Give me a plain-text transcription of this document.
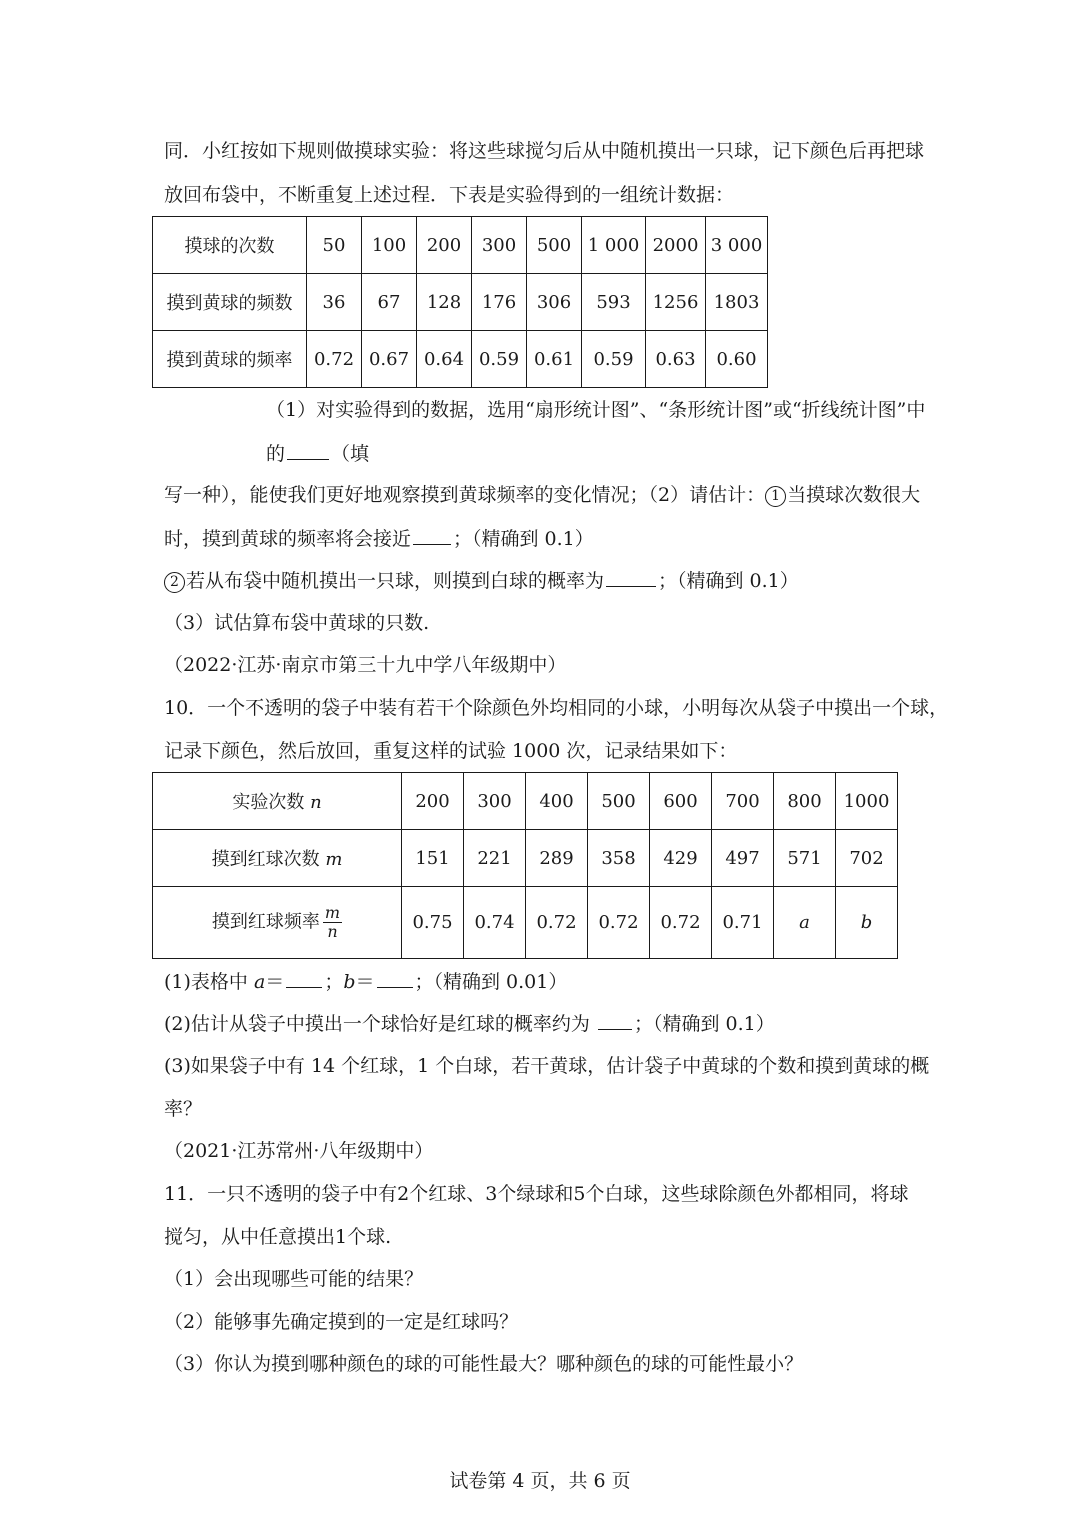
同．小红按如下规则做摸球实验：将这些球搅匀后从中随机摸出一只球，记下颜色后再把球
放回布袋中，不断重复上述过程．下表是实验得到的一组统计数据：
摸球的次数	50	100	200	300	500	1 000	2000	3 000
摸到黄球的频数	36	67	128	176	306	593	1256	1803
摸到黄球的频率	0.72	0.67	0.64	0.59	0.61	0.59	0.63	0.60
（1）对实验得到的数据，选用“扇形统计图”、“条形统计图”或“折线统计图”中
的 （填
写一种），能使我们更好地观察摸到黄球频率的变化情况；（2）请估计： 1 当摸球次数很大
时，摸到黄球的频率将会接近 ；（精确到 0.1）
2 若从布袋中随机摸出一只球，则摸到白球的概率为	；（精确到 0.1）
（3）试估算布袋中黄球的只数.
（2022·江苏·南京市第三十九中学八年级期中）
10．一个不透明的袋子中装有若干个除颜色外均相同的小球，小明每次从袋子中摸出一个球，
记录下颜色，然后放回，重复这样的试验 1000 次，记录结果如下：
实验次数 n	200	300	400	500	600	700	800	1000
摸到红球次数 m	151	221	289	358	429	497	571	702
摸到红球频率 $\frac{m}{n}$	0.75	0.74	0.72	0.72	0.72	0.71	a	b
(1)表格中 a＝ ；b＝ ；（精确到 0.01）
(2)估计从袋子中摸出一个球恰好是红球的概率约为 ；（精确到 0.1）
(3)如果袋子中有 14 个红球，1 个白球，若干黄球，估计袋子中黄球的个数和摸到黄球的概
率？
（2021·江苏常州·八年级期中）
11．一只不透明的袋子中有2个红球、3个绿球和5个白球，这些球除颜色外都相同，将球
搅匀，从中任意摸出1个球.
（1）会出现哪些可能的结果？
（2）能够事先确定摸到的一定是红球吗？
（3）你认为摸到哪种颜色的球的可能性最大？哪种颜色的球的可能性最小？
试卷第 4 页，共 6 页
